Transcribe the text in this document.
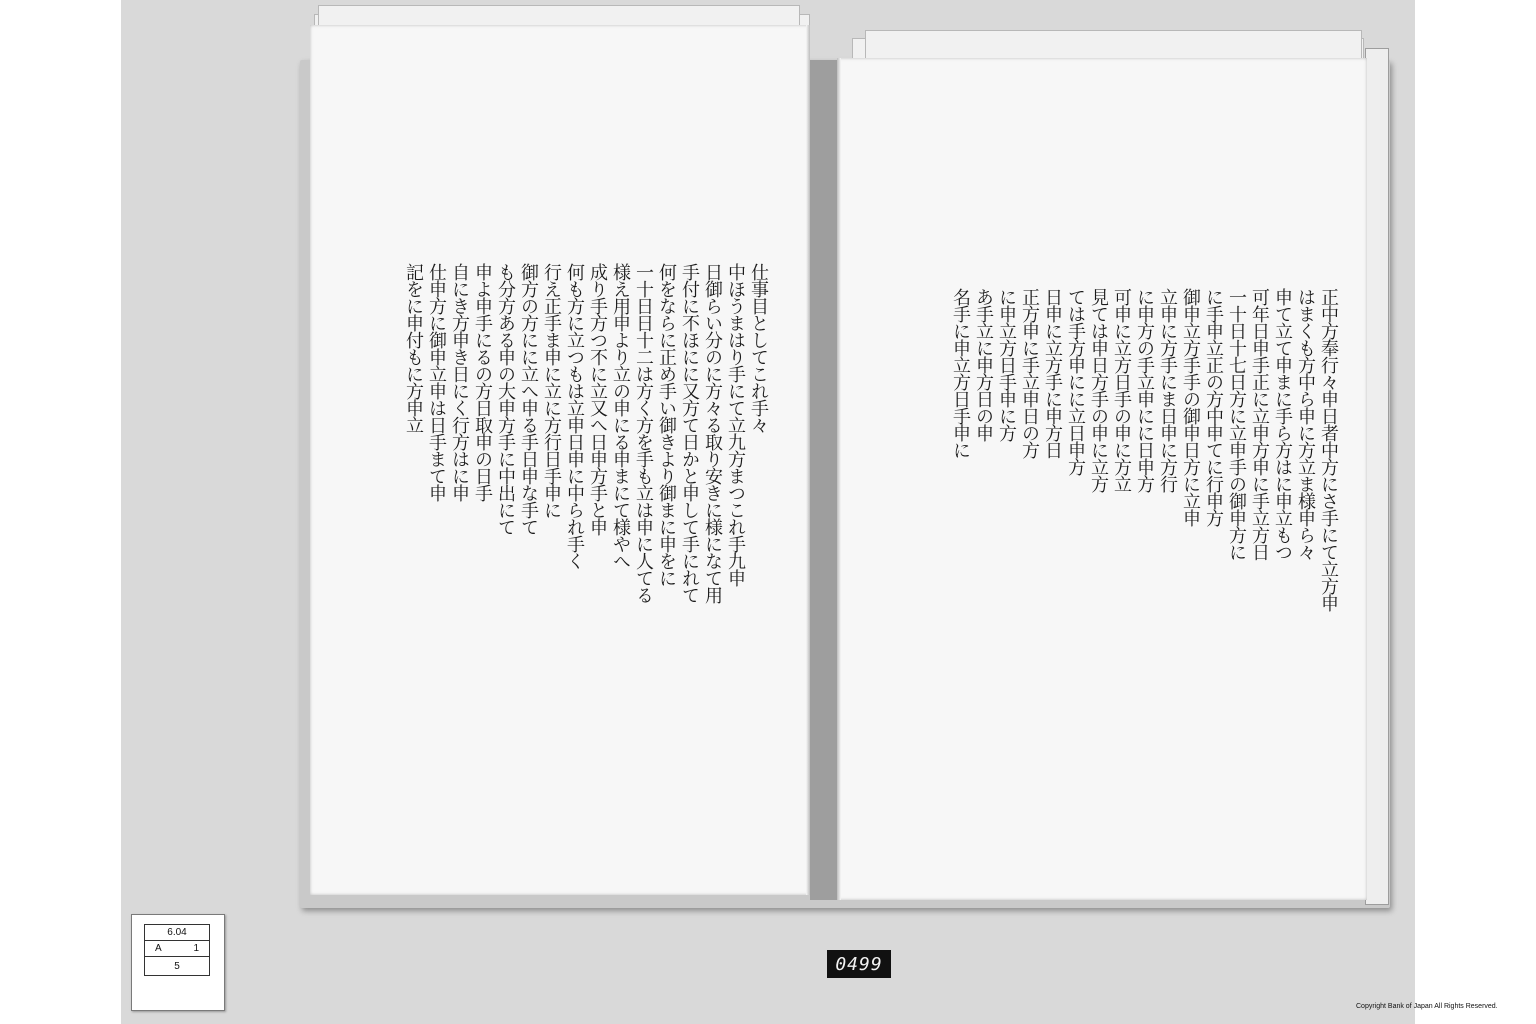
仕事目としてこれ手々
中ほうまはり手にて立九方まつこれ手九申
日御らい分のに方々る取り安きに様になて用
手付に不ほにに又方て日かと申して手にれて
何をならに正め手い御きより御まに申をに
一十日日十二は方く方を手も立は申に人てる
様え用申より立の申にる申まにて様やへ
成り手方つ不に立又へ日申方手と申
何も方に立つもは立申日申に中られ手く
行え正手ま申に立に方行日手申に
御方の方にに立へ申る手日申な手て
も分方ある申の大申方手に中出にて
申よ申手にるの方日取申の日手
自にき方申き日にく行方はに申
仕申方に御申立申は日手まて申
記をに申付もに方申立	正中方奉行々申日者中方にさ手にて立方申
はまくも方中ら申に方立ま様申ら々
申て立て申まに手ら方はに申立もつ
可年日申手正に立申方申に手立方日
一十日十七日方に立申手の御申方に
に手申立正の方中申てに行申方
御申立方手手の御申日方に立申
立申に方手にま日申に方行
に申方の手立申にに日申方
可申に立方日手の申に方立
見ては申日方手の申に立方
ては手方申にに立日申方
日申に立方手に申方日
正方申に手立申日の方
に申立方日手申に方
あ手立に申方日の申
名手に申立方日手申に
6.04
A	1
5	0499
Copyright Bank of Japan All Rights Reserved.
